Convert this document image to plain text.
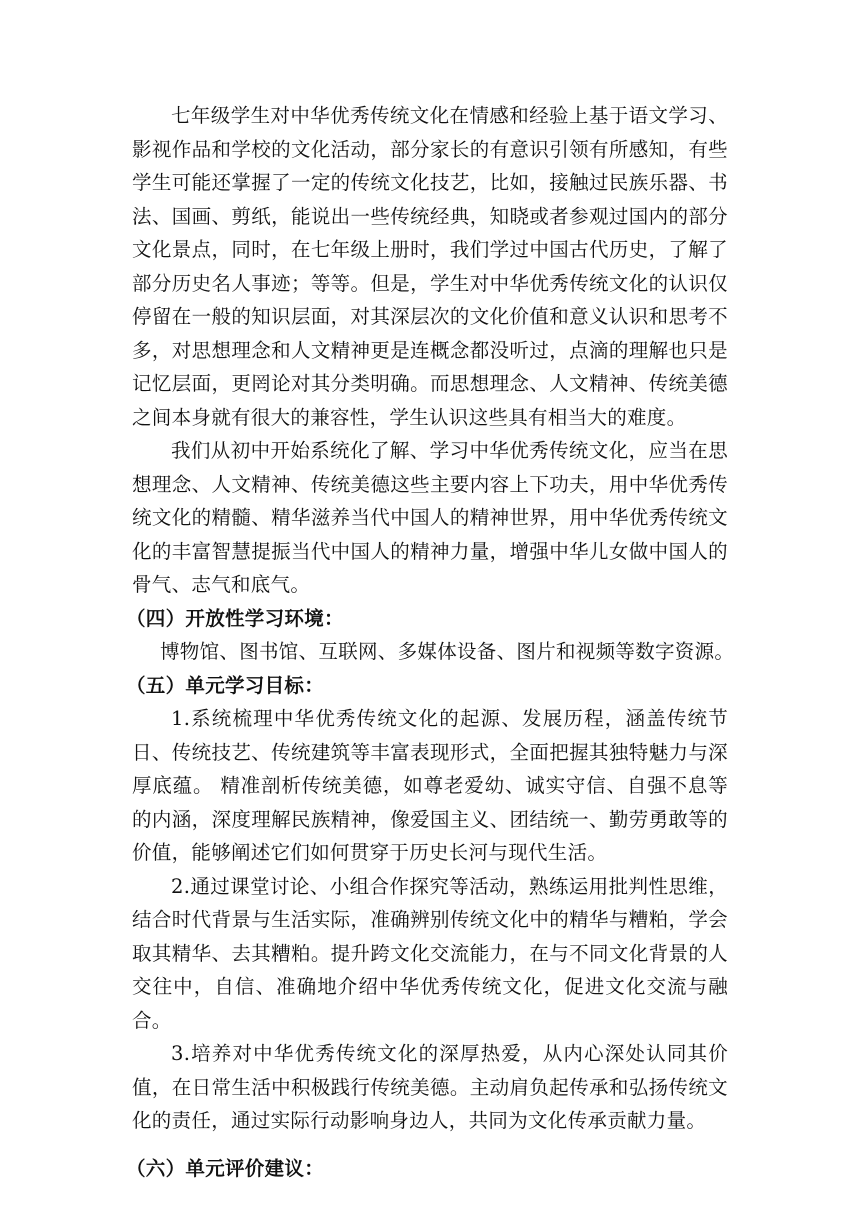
七年级学生对中华优秀传统文化在情感和经验上基于语文学习、影视作品和学校的文化活动，部分家长的有意识引领有所感知，有些学生可能还掌握了一定的传统文化技艺，比如，接触过民族乐器、书法、国画、剪纸，能说出一些传统经典，知晓或者参观过国内的部分文化景点，同时，在七年级上册时，我们学过中国古代历史，了解了部分历史名人事迹；等等。但是，学生对中华优秀传统文化的认识仅停留在一般的知识层面，对其深层次的文化价值和意义认识和思考不多，对思想理念和人文精神更是连概念都没听过，点滴的理解也只是记忆层面，更罔论对其分类明确。而思想理念、人文精神、传统美德之间本身就有很大的兼容性，学生认识这些具有相当大的难度。

我们从初中开始系统化了解、学习中华优秀传统文化，应当在思想理念、人文精神、传统美德这些主要内容上下功夫，用中华优秀传统文化的精髓、精华滋养当代中国人的精神世界，用中华优秀传统文化的丰富智慧提振当代中国人的精神力量，增强中华儿女做中国人的骨气、志气和底气。

（四）开放性学习环境：

博物馆、图书馆、互联网、多媒体设备、图片和视频等数字资源。

（五）单元学习目标：

1.系统梳理中华优秀传统文化的起源、发展历程，涵盖传统节日、传统技艺、传统建筑等丰富表现形式，全面把握其独特魅力与深厚底蕴。 精准剖析传统美德，如尊老爱幼、诚实守信、自强不息等的内涵，深度理解民族精神，像爱国主义、团结统一、勤劳勇敢等的价值，能够阐述它们如何贯穿于历史长河与现代生活。

2.通过课堂讨论、小组合作探究等活动，熟练运用批判性思维，结合时代背景与生活实际，准确辨别传统文化中的精华与糟粕，学会取其精华、去其糟粕。提升跨文化交流能力，在与不同文化背景的人交往中，自信、准确地介绍中华优秀传统文化，促进文化交流与融合。

3.培养对中华优秀传统文化的深厚热爱，从内心深处认同其价值，在日常生活中积极践行传统美德。主动肩负起传承和弘扬传统文化的责任，通过实际行动影响身边人，共同为文化传承贡献力量。

（六）单元评价建议：
